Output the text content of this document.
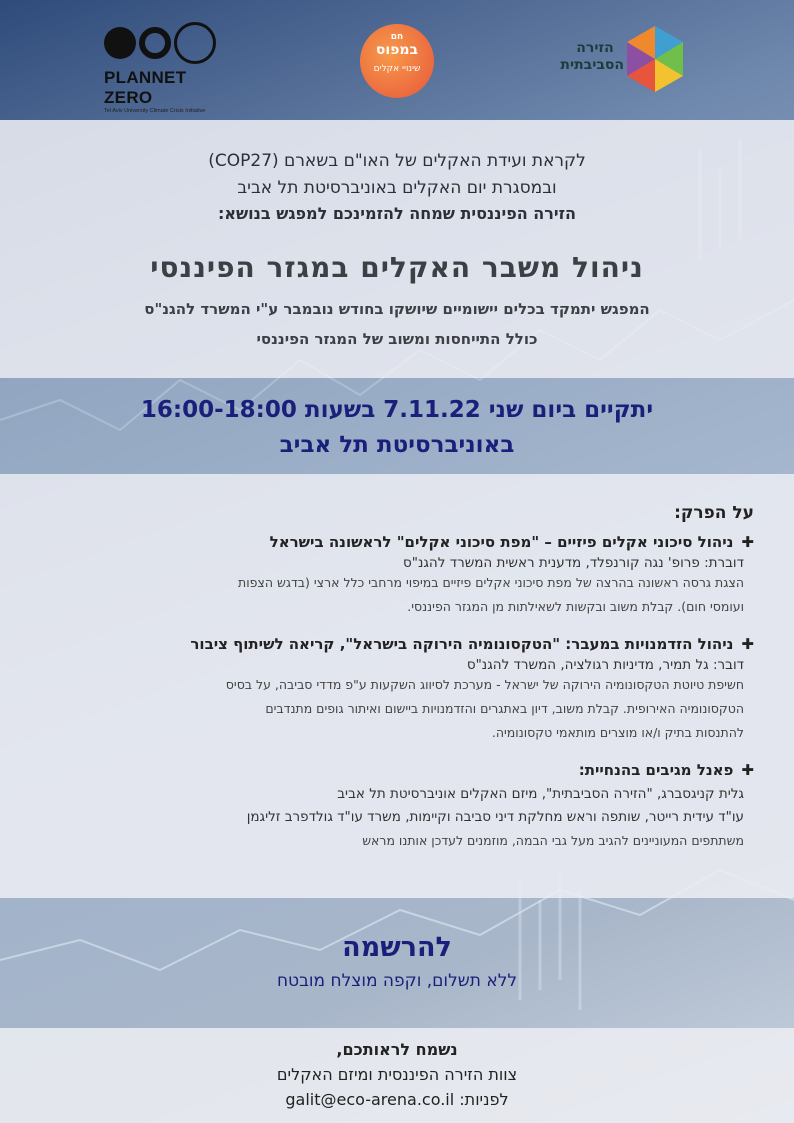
PLANNET ZERO
Tel Aviv University Climate Crisis Initiative
חם
במפוס
שינויי אקלים
הזירה הסביבתית
לקראת ועידת האקלים של האו"ם בשארם (COP27)
ובמסגרת יום האקלים באוניברסיטת תל אביב
הזירה הפיננסית שמחה להזמינכם למפגש בנושא:
ניהול משבר האקלים במגזר הפיננסי
המפגש יתמקד בכלים יישומיים שיושקו בחודש נובמבר ע"י המשרד להגנ"ס
כולל התייחסות ומשוב של המגזר הפיננסי
יתקיים ביום שני 7.11.22 בשעות 16:00-18:00
באוניברסיטת תל אביב
על הפרק:
✚ניהול סיכוני אקלים פיזיים – "מפת סיכוני אקלים" לראשונה בישראל
דוברת: פרופ' נגה קורנפלד, מדענית ראשית המשרד להגנ"ס
הצגת גרסה ראשונה בהרצה של מפת סיכוני אקלים פיזיים במיפוי מרחבי כלל ארצי (בדגש הצפות
ועומסי חום). קבלת משוב ובקשות לשאילתות מן המגזר הפיננסי.
✚ניהול הזדמנויות במעבר: "הטקסונומיה הירוקה בישראל", קריאה לשיתוף ציבור
דובר: גל תמיר, מדיניות רגולציה, המשרד להגנ"ס
חשיפת טיוטת הטקסונומיה הירוקה של ישראל - מערכת לסיווג השקעות ע"פ מדדי סביבה, על בסיס
הטקסונומיה האירופית. קבלת משוב, דיון באתגרים והזדמנויות ביישום ואיתור גופים מתנדבים
להתנסות בתיק ו/או מוצרים מותאמי טקסונומיה.
✚פאנל מגיבים בהנחיית:
גלית קניגסברג, "הזירה הסביבתית", מיזם האקלים אוניברסיטת תל אביב
עו"ד עידית רייטר, שותפה וראש מחלקת דיני סביבה וקיימות, משרד עו"ד גולדפרב זליגמן
משתתפים המעוניינים להגיב מעל גבי הבמה, מוזמנים לעדכן אותנו מראש
להרשמה
ללא תשלום, וקפה מוצלח מובטח
נשמח לראותכם,
צוות הזירה הפיננסית ומיזם האקלים
לפניות: galit@eco-arena.co.il
